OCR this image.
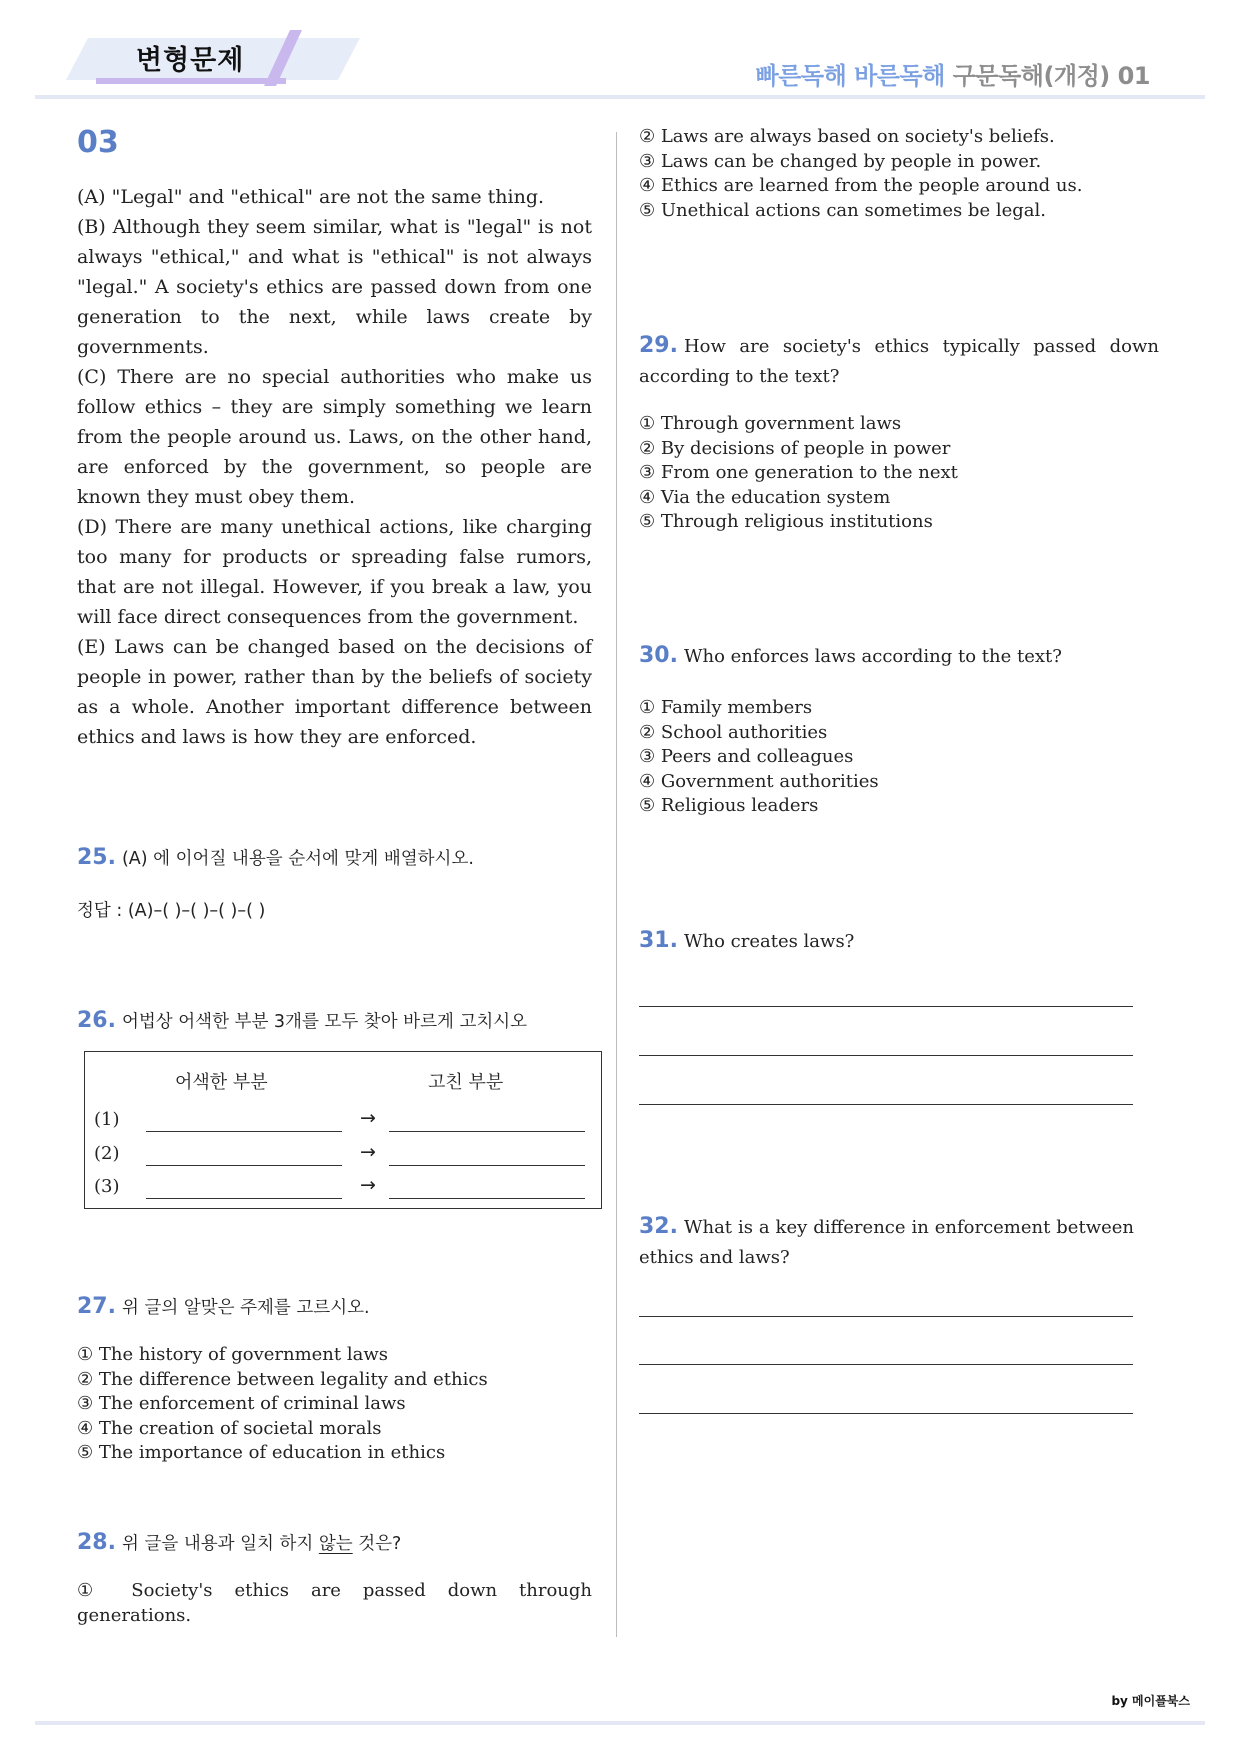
변형문제	빠른독해 바른독해 구문독해(개정) 01
03

(A) "Legal" and "ethical" are not the same thing.

(B) Although they seem similar, what is "legal" is not always "ethical," and what is "ethical" is not always "legal." A society's ethics are passed down from one generation to the next, while laws create by governments.

(C) There are no special authorities who make us follow ethics – they are simply something we learn from the people around us. Laws, on the other hand, are enforced by the government, so people are known they must obey them.

(D) There are many unethical actions, like charging too many for products or spreading false rumors, that are not illegal. However, if you break a law, you will face direct consequences from the government.

(E) Laws can be changed based on the decisions of people in power, rather than by the beliefs of society as a whole. Another important difference between ethics and laws is how they are enforced.

25. (A) 에 이어질 내용을 순서에 맞게 배열하시오.
정답 : (A)–( )–( )–( )–( )
26. 어법상 어색한 부분 3개를 모두 찾아 바르게 고치시오
어색한 부분	고친 부분
(1)	→
(2)	→
(3)	→
27. 위 글의 알맞은 주제를 고르시오.
① The history of government laws
② The difference between legality and ethics
③ The enforcement of criminal laws
④ The creation of societal morals
⑤ The importance of education in ethics
28. 위 글을 내용과 일치 하지 않는 것은?
① Society's ethics are passed down through generations.
② Laws are always based on society's beliefs.
③ Laws can be changed by people in power.
④ Ethics are learned from the people around us.
⑤ Unethical actions can sometimes be legal.
29. How are society's ethics typically passed down according to the text?
① Through government laws
② By decisions of people in power
③ From one generation to the next
④ Via the education system
⑤ Through religious institutions
30. Who enforces laws according to the text?
① Family members
② School authorities
③ Peers and colleagues
④ Government authorities
⑤ Religious leaders
31. Who creates laws?
32. What is a key difference in enforcement between ethics and laws?
by 메이플북스
